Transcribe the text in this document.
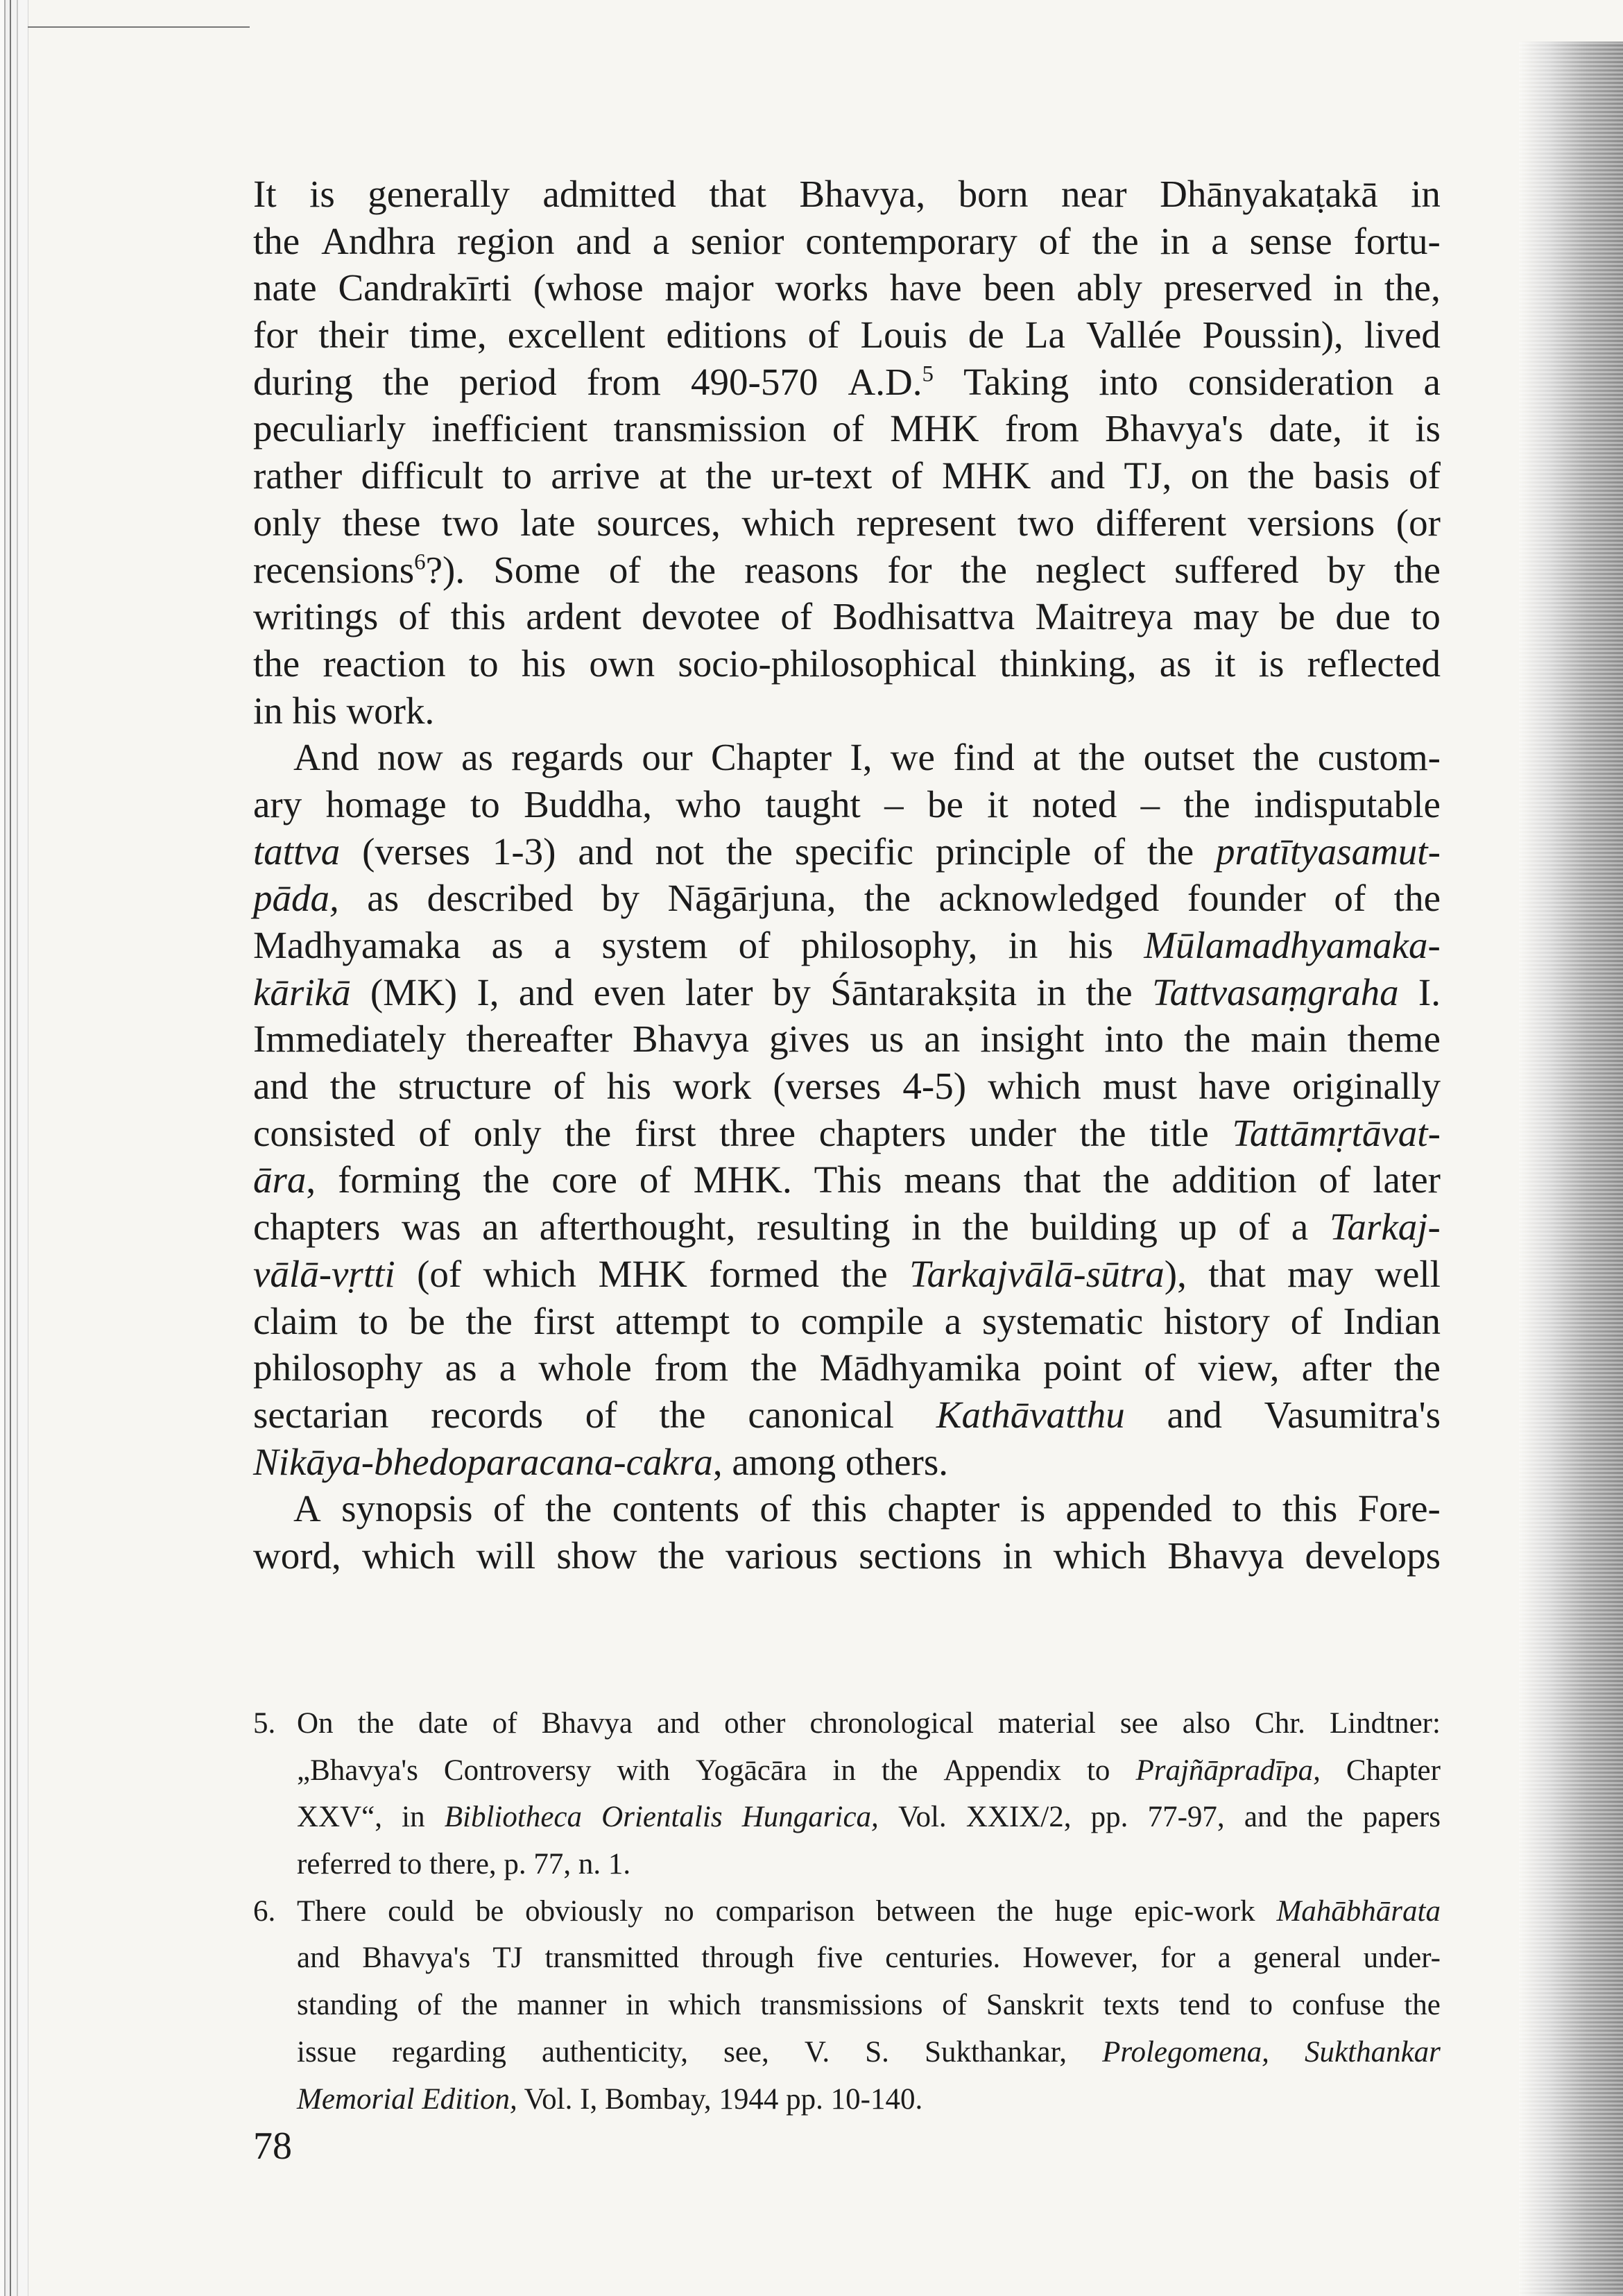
It is generally admitted that Bhavya, born near Dhānyakaṭakā in
the Andhra region and a senior contemporary of the in a sense fortu-
nate Candrakīrti (whose major works have been ably preserved in the,
for their time, excellent editions of Louis de La Vallée Poussin), lived
during the period from 490-570 A.D.$^5$ Taking into consideration a
peculiarly inefficient transmission of MHK from Bhavya's date, it is
rather difficult to arrive at the ur-text of MHK and TJ, on the basis of
only these two late sources, which represent two different versions (or
recensions$^6$?). Some of the reasons for the neglect suffered by the
writings of this ardent devotee of Bodhisattva Maitreya may be due to
the reaction to his own socio-philosophical thinking, as it is reflected
in his work.
And now as regards our Chapter I, we find at the outset the custom-
ary homage to Buddha, who taught – be it noted – the indisputable
tattva (verses 1-3) and not the specific principle of the pratītyasamut-
pāda, as described by Nāgārjuna, the acknowledged founder of the
Madhyamaka as a system of philosophy, in his Mūlamadhyamaka-
kārikā (MK) I, and even later by Śāntarakṣita in the Tattvasaṃgraha I.
Immediately thereafter Bhavya gives us an insight into the main theme
and the structure of his work (verses 4-5) which must have originally
consisted of only the first three chapters under the title Tattāmṛtāvat-
āra, forming the core of MHK. This means that the addition of later
chapters was an afterthought, resulting in the building up of a Tarkaj-
vālā-vṛtti (of which MHK formed the Tarkajvālā-sūtra), that may well
claim to be the first attempt to compile a systematic history of Indian
philosophy as a whole from the Mādhyamika point of view, after the
sectarian records of the canonical Kathāvatthu and Vasumitra's
Nikāya-bhedoparacana-cakra , among others.
A synopsis of the contents of this chapter is appended to this Fore-
word, which will show the various sections in which Bhavya develops
5. On the date of Bhavya and other chronological material see also Chr. Lindtner:
„Bhavya's Controversy with Yogācāra in the Appendix to Prajñāpradīpa, Chapter
XXV“, in Bibliotheca Orientalis Hungarica, Vol. XXIX/2, pp. 77-97, and the papers
referred to there, p. 77, n. 1.
6. There could be obviously no comparison between the huge epic-work Mahābhārata
and Bhavya's TJ transmitted through five centuries. However, for a general under-
standing of the manner in which transmissions of Sanskrit texts tend to confuse the
issue regarding authenticity, see, V. S. Sukthankar, Prolegomena, Sukthankar
Memorial Edition, Vol. I, Bombay, 1944 pp. 10-140.
78
